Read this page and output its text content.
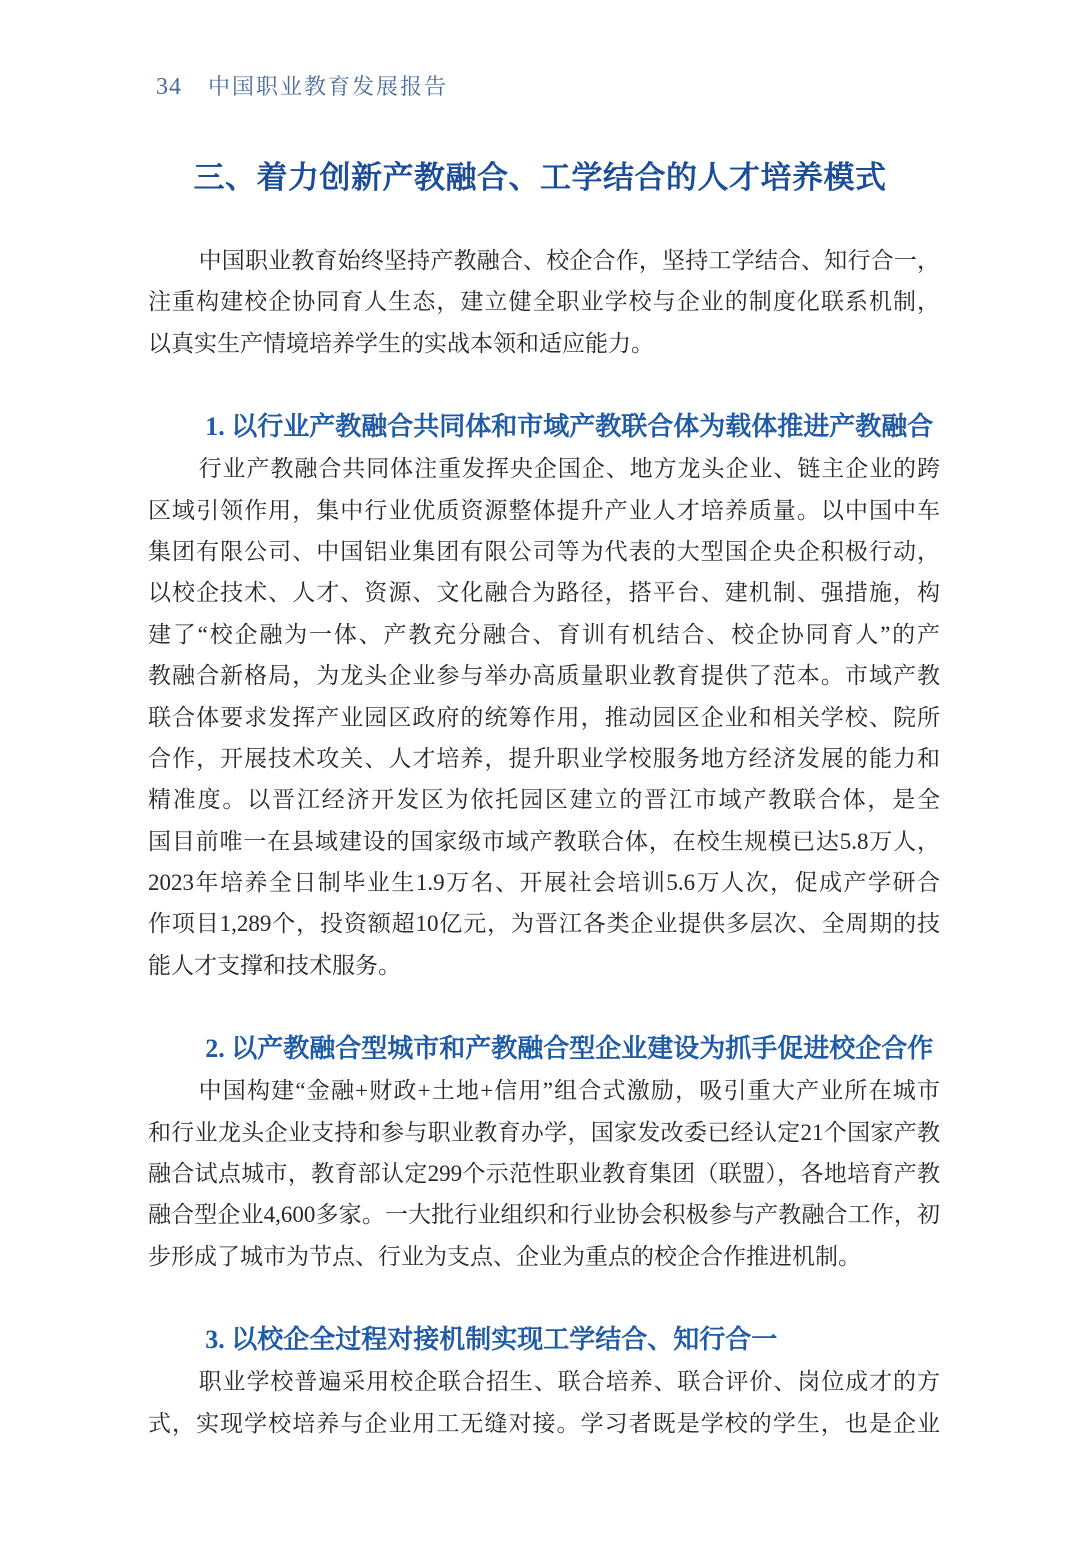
34 中国职业教育发展报告
三、着力创新产教融合、工学结合的人才培养模式
中国职业教育始终坚持产教融合、校企合作，坚持工学结合、知行合一，
注重构建校企协同育人生态，建立健全职业学校与企业的制度化联系机制，
以真实生产情境培养学生的实战本领和适应能力。
1. 以行业产教融合共同体和市域产教联合体为载体推进产教融合
行业产教融合共同体注重发挥央企国企、地方龙头企业、链主企业的跨
区域引领作用，集中行业优质资源整体提升产业人才培养质量。以中国中车
集团有限公司、中国铝业集团有限公司等为代表的大型国企央企积极行动，
以校企技术、人才、资源、文化融合为路径，搭平台、建机制、强措施，构
建了“校企融为一体、产教充分融合、育训有机结合、校企协同育人”的产
教融合新格局，为龙头企业参与举办高质量职业教育提供了范本。市域产教
联合体要求发挥产业园区政府的统筹作用，推动园区企业和相关学校、院所
合作，开展技术攻关、人才培养，提升职业学校服务地方经济发展的能力和
精准度。以晋江经济开发区为依托园区建立的晋江市域产教联合体，是全
国目前唯一在县域建设的国家级市域产教联合体，在校生规模已达5.8万人，
2023年培养全日制毕业生1.9万名、开展社会培训5.6万人次，促成产学研合
作项目1,289个，投资额超10亿元，为晋江各类企业提供多层次、全周期的技
能人才支撑和技术服务。
2. 以产教融合型城市和产教融合型企业建设为抓手促进校企合作
中国构建“金融+财政+土地+信用”组合式激励，吸引重大产业所在城市
和行业龙头企业支持和参与职业教育办学，国家发改委已经认定21个国家产教
融合试点城市，教育部认定299个示范性职业教育集团（联盟），各地培育产教
融合型企业4,600多家。一大批行业组织和行业协会积极参与产教融合工作，初
步形成了城市为节点、行业为支点、企业为重点的校企合作推进机制。
3. 以校企全过程对接机制实现工学结合、知行合一
职业学校普遍采用校企联合招生、联合培养、联合评价、岗位成才的方
式，实现学校培养与企业用工无缝对接。学习者既是学校的学生，也是企业
